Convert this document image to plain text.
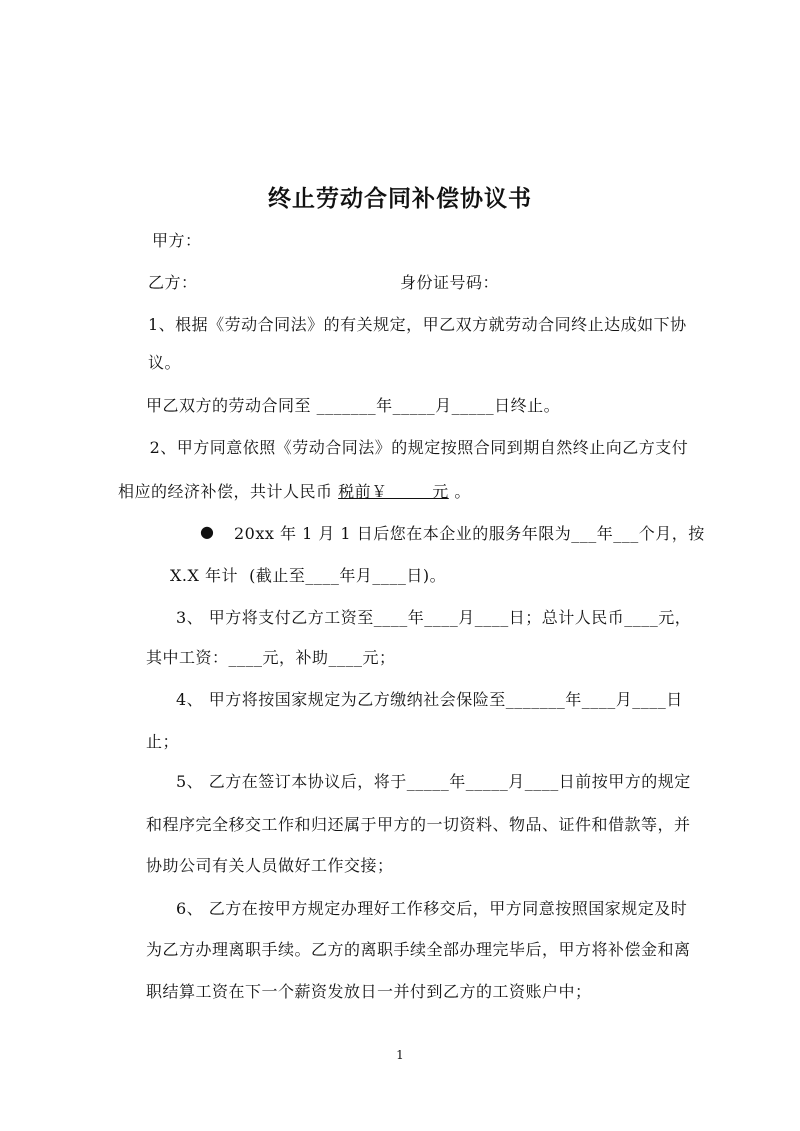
终止劳动合同补偿协议书
甲方：
乙方：	身份证号码：
1、根据《劳动合同法》的有关规定，甲乙双方就劳动合同终止达成如下协
议。
甲乙双方的劳动合同至 _______年_____月_____日终止。
2、甲方同意依照《劳动合同法》的规定按照合同到期自然终止向乙方支付
相应的经济补偿，共计人民币 税前￥        元 。
● 20xx 年 1 月 1 日后您在本企业的服务年限为___年___个月，按
X.X 年计  (截止至____年月____日)。
3、 甲方将支付乙方工资至____年____月____日；总计人民币____元，
其中工资：____元，补助____元；
4、 甲方将按国家规定为乙方缴纳社会保险至_______年____月____日
止；
5、 乙方在签订本协议后，将于_____年_____月____日前按甲方的规定
和程序完全移交工作和归还属于甲方的一切资料、物品、证件和借款等，并
协助公司有关人员做好工作交接；
6、 乙方在按甲方规定办理好工作移交后，甲方同意按照国家规定及时
为乙方办理离职手续。乙方的离职手续全部办理完毕后，甲方将补偿金和离
职结算工资在下一个薪资发放日一并付到乙方的工资账户中；
1
